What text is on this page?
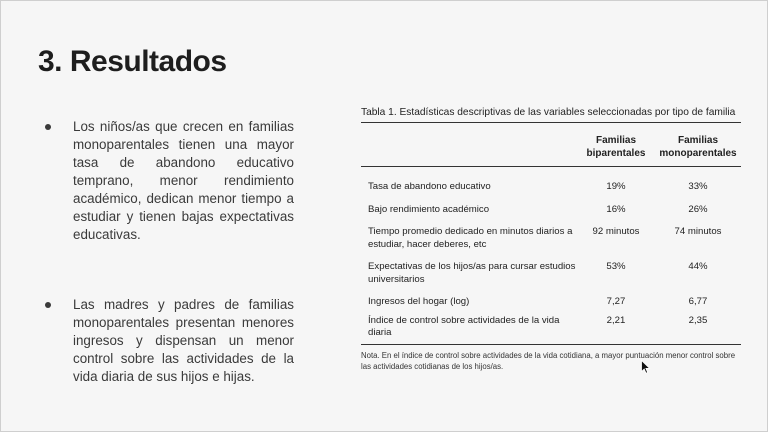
3. Resultados
Los niños/as que crecen en familias monoparentales tienen una mayor tasa de abandono educativo temprano, menor rendimiento académico, dedican menor tiempo a estudiar y tienen bajas expectativas educativas.
Las madres y padres de familias monoparentales presentan menores ingresos y dispensan un menor control sobre las actividades de la vida diaria de sus hijos e hijas.
Tabla 1. Estadísticas descriptivas de las variables seleccionadas por tipo de familia
	Familias biparentales	Familias monoparentales
Tasa de abandono educativo	19%	33%
Bajo rendimiento académico	16%	26%
Tiempo promedio dedicado en minutos diarios a estudiar, hacer deberes, etc	92 minutos	74 minutos
Expectativas de los hijos/as para cursar estudios universitarios	53%	44%
Ingresos del hogar (log)	7,27	6,77
Índice de control sobre actividades de la vida diaria	2,21	2,35
Nota. En el índice de control sobre actividades de la vida cotidiana, a mayor puntuación menor control sobre las actividades cotidianas de los hijos/as.
